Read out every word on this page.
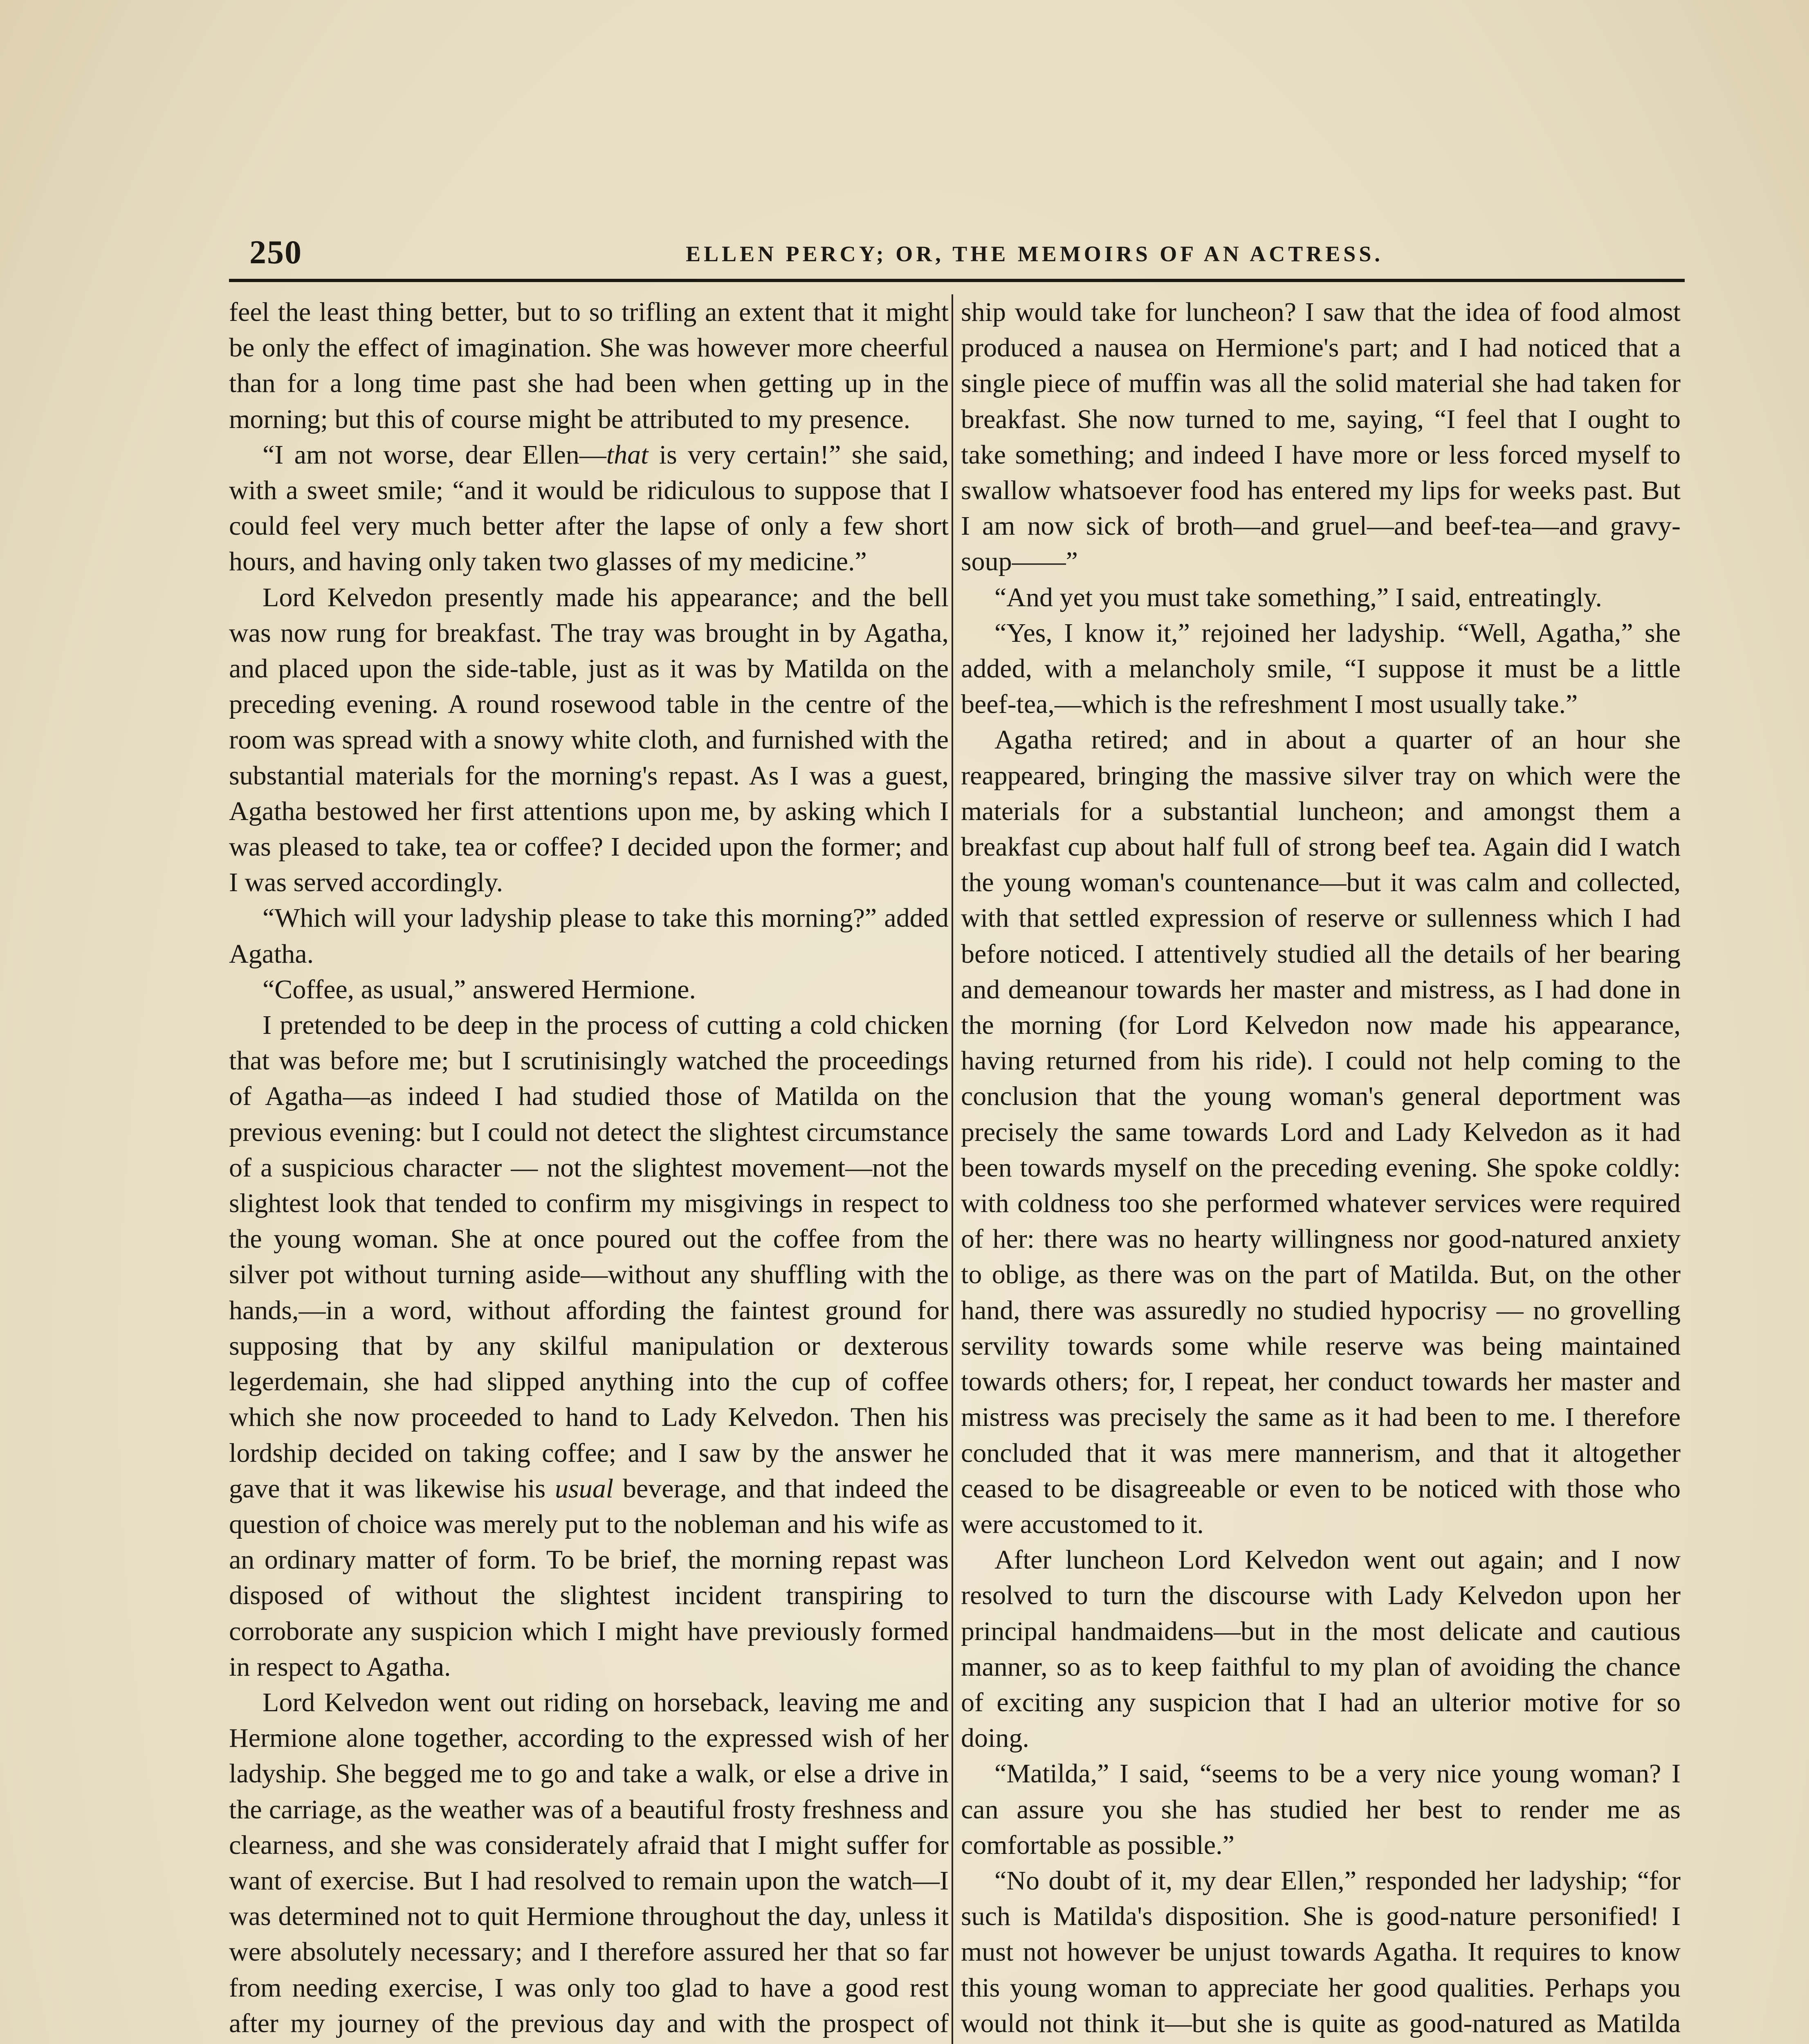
250	ELLEN PERCY; OR, THE MEMOIRS OF AN ACTRESS.

feel the least thing better, but to so trifling an extent that it might be only the effect of imagination. She was however more cheerful than for a long time past she had been when getting up in the morning; but this of course might be attributed to my presence.

“I am not worse, dear Ellen—that is very certain!” she said, with a sweet smile; “and it would be ridiculous to suppose that I could feel very much better after the lapse of only a few short hours, and having only taken two glasses of my medicine.”

Lord Kelvedon presently made his appearance; and the bell was now rung for breakfast. The tray was brought in by Agatha, and placed upon the side-table, just as it was by Matilda on the preceding evening. A round rosewood table in the centre of the room was spread with a snowy white cloth, and furnished with the substantial materials for the morning's repast. As I was a guest, Agatha bestowed her first attentions upon me, by asking which I was pleased to take, tea or coffee? I decided upon the former; and I was served accordingly.

“Which will your ladyship please to take this morning?” added Agatha.

“Coffee, as usual,” answered Hermione.

I pretended to be deep in the process of cutting a cold chicken that was before me; but I scrutinisingly watched the proceedings of Agatha—as indeed I had studied those of Matilda on the previous evening: but I could not detect the slightest circumstance of a suspicious character — not the slightest movement—not the slightest look that tended to confirm my misgivings in respect to the young woman. She at once poured out the coffee from the silver pot without turning aside—without any shuffling with the hands,—in a word, without affording the faintest ground for supposing that by any skilful manipulation or dexterous legerdemain, she had slipped anything into the cup of coffee which she now proceeded to hand to Lady Kelvedon. Then his lordship decided on taking coffee; and I saw by the answer he gave that it was likewise his usual beverage, and that indeed the question of choice was merely put to the nobleman and his wife as an ordinary matter of form. To be brief, the morning repast was disposed of without the slightest incident transpiring to corroborate any suspicion which I might have previously formed in respect to Agatha.

Lord Kelvedon went out riding on horseback, leaving me and Hermione alone together, according to the expressed wish of her ladyship. She begged me to go and take a walk, or else a drive in the carriage, as the weather was of a beautiful frosty freshness and clearness, and she was considerately afraid that I might suffer for want of exercise. But I had resolved to remain upon the watch—I was determined not to quit Hermione throughout the day, unless it were absolutely necessary; and I therefore assured her that so far from needing exercise, I was only too glad to have a good rest after my journey of the previous day and with the prospect of

ship would take for luncheon? I saw that the idea of food almost produced a nausea on Hermione's part; and I had noticed that a single piece of muffin was all the solid material she had taken for breakfast. She now turned to me, saying, “I feel that I ought to take something; and indeed I have more or less forced myself to swallow whatsoever food has entered my lips for weeks past. But I am now sick of broth—and gruel—and beef-tea—and gravy-soup——”

“And yet you must take something,” I said, entreatingly.

“Yes, I know it,” rejoined her ladyship. “Well, Agatha,” she added, with a melancholy smile, “I suppose it must be a little beef-tea,—which is the refreshment I most usually take.”

Agatha retired; and in about a quarter of an hour she reappeared, bringing the massive silver tray on which were the materials for a substantial luncheon; and amongst them a breakfast cup about half full of strong beef tea. Again did I watch the young woman's countenance—but it was calm and collected, with that settled expression of reserve or sullenness which I had before noticed. I attentively studied all the details of her bearing and demeanour towards her master and mistress, as I had done in the morning (for Lord Kelvedon now made his appearance, having returned from his ride). I could not help coming to the conclusion that the young woman's general deportment was precisely the same towards Lord and Lady Kelvedon as it had been towards myself on the preceding evening. She spoke coldly: with coldness too she performed whatever services were required of her: there was no hearty willingness nor good-natured anxiety to oblige, as there was on the part of Matilda. But, on the other hand, there was assuredly no studied hypocrisy — no grovelling servility towards some while reserve was being maintained towards others; for, I repeat, her conduct towards her master and mistress was precisely the same as it had been to me. I therefore concluded that it was mere mannerism, and that it altogether ceased to be disagreeable or even to be noticed with those who were accustomed to it.

After luncheon Lord Kelvedon went out again; and I now resolved to turn the discourse with Lady Kelvedon upon her principal handmaidens—but in the most delicate and cautious manner, so as to keep faithful to my plan of avoiding the chance of exciting any suspicion that I had an ulterior motive for so doing.

“Matilda,” I said, “seems to be a very nice young woman? I can assure you she has studied her best to render me as comfortable as possible.”

“No doubt of it, my dear Ellen,” responded her ladyship; “for such is Matilda's disposition. She is good-nature personified! I must not however be unjust towards Agatha. It requires to know this young woman to appreciate her good qualities. Perhaps you would not think it—but she is quite as good-natured as Matilda
